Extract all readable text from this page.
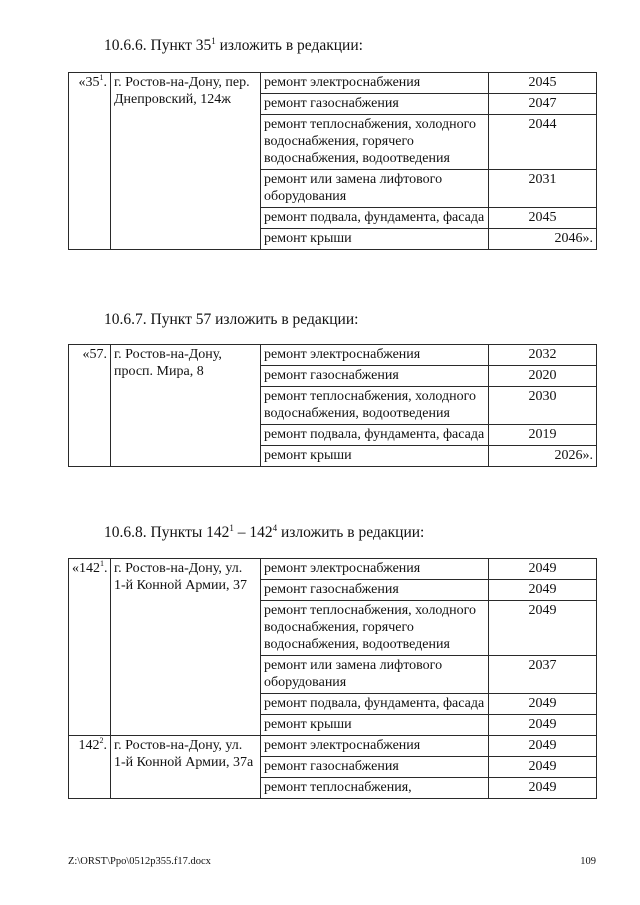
10.6.6. Пункт $35^1$ изложить в редакции:
«$35^1$.	г. Ростов-на-Дону, пер. Днепровский, 124ж	ремонт электроснабжения	2045
		ремонт газоснабжения	2047
		ремонт теплоснабжения, холодного водоснабжения, горячего водоснабжения, водоотведения	2044
		ремонт или замена лифтового оборудования	2031
		ремонт подвала, фундамента, фасада	2045
		ремонт крыши	2046».
10.6.7. Пункт 57 изложить в редакции:
«57.	г. Ростов-на-Дону, просп. Мира, 8	ремонт электроснабжения	2032
		ремонт газоснабжения	2020
		ремонт теплоснабжения, холодного водоснабжения, водоотведения	2030
		ремонт подвала, фундамента, фасада	2019
		ремонт крыши	2026».
10.6.8. Пункты $142^1 - 142^4$ изложить в редакции:
«$142^1$.	г. Ростов-на-Дону, ул. 1-й Конной Армии, 37	ремонт электроснабжения	2049
		ремонт газоснабжения	2049
		ремонт теплоснабжения, холодного водоснабжения, горячего водоснабжения, водоотведения	2049
		ремонт или замена лифтового оборудования	2037
		ремонт подвала, фундамента, фасада	2049
		ремонт крыши	2049
$142^2$.	г. Ростов-на-Дону, ул. 1-й Конной Армии, 37а	ремонт электроснабжения	2049
		ремонт газоснабжения	2049
		ремонт теплоснабжения,	2049
Z:\ORST\Ppo\0512p355.f17.docx	109
